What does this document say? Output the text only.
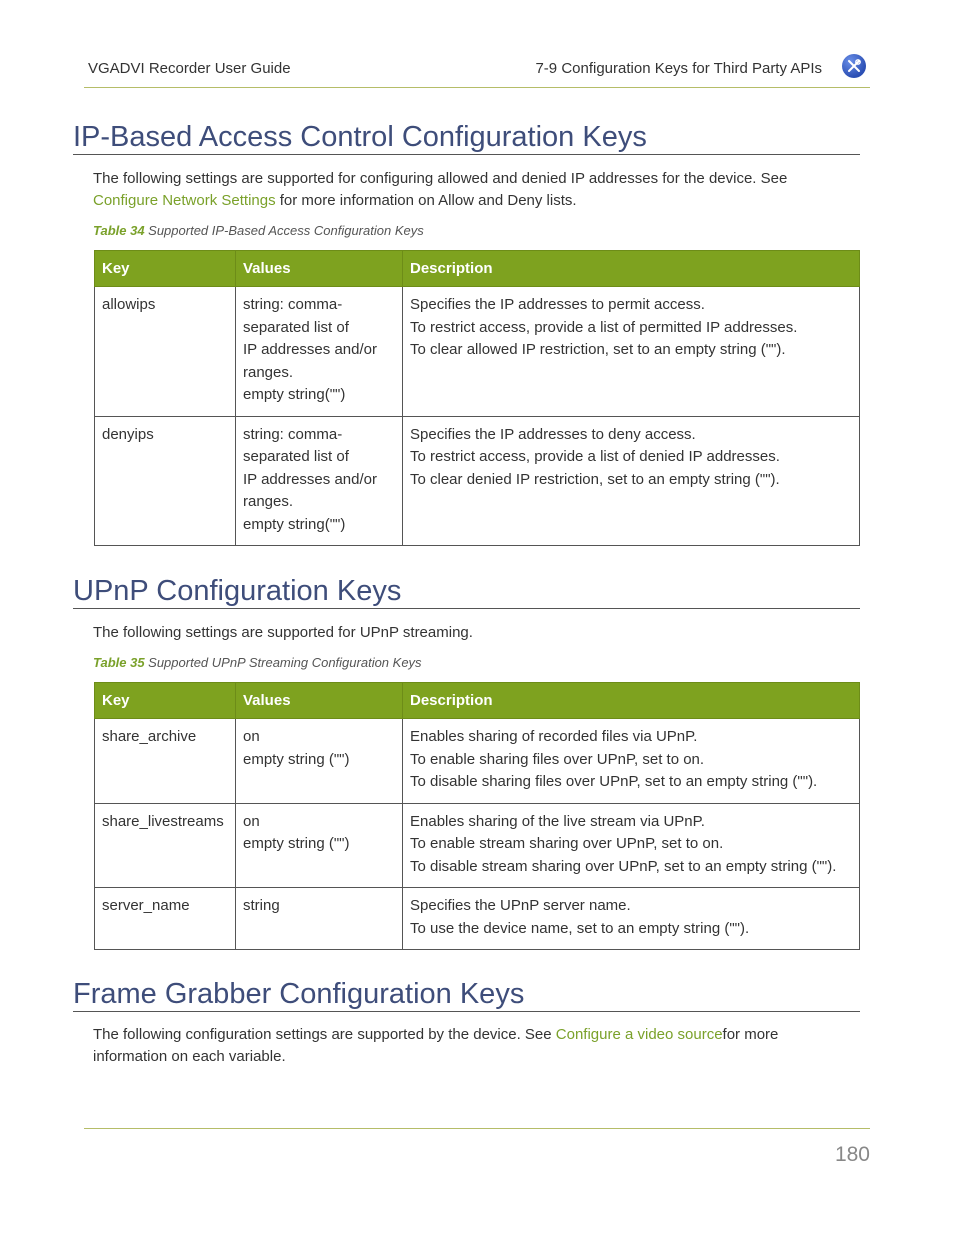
VGADVI Recorder User Guide	7-9 Configuration Keys for Third Party APIs
IP-Based Access Control Configuration Keys
The following settings are supported for configuring allowed and denied IP addresses for the device. See Configure Network Settings for more information on Allow and Deny lists.
Table 34 Supported IP-Based Access Configuration Keys
Key	Values	Description
allowips	string: comma-
separated list of
IP addresses and/or
ranges.
empty string("")	Specifies the IP addresses to permit access.
To restrict access, provide a list of permitted IP addresses.
To clear allowed IP restriction, set to an empty string ("").

denyips	string: comma-
separated list of
IP addresses and/or
ranges.
empty string("")	Specifies the IP addresses to deny access.
To restrict access, provide a list of denied IP addresses.
To clear denied IP restriction, set to an empty string ("").
UPnP Configuration Keys
The following settings are supported for UPnP streaming.
Table 35 Supported UPnP Streaming Configuration Keys
Key	Values	Description
share_archive	on
empty string ("")	Enables sharing of recorded files via UPnP.
To enable sharing files over UPnP, set to on.
To disable sharing files over UPnP, set to an empty string ("").

share_livestreams	on
empty string ("")	Enables sharing of the live stream via UPnP.
To enable stream sharing over UPnP, set to on.
To disable stream sharing over UPnP, set to an empty string ("").

server_name	string	Specifies the UPnP server name.
To use the device name, set to an empty string ("").
Frame Grabber Configuration Keys
The following configuration settings are supported by the device. See Configure a video sourcefor more information on each variable.
180
